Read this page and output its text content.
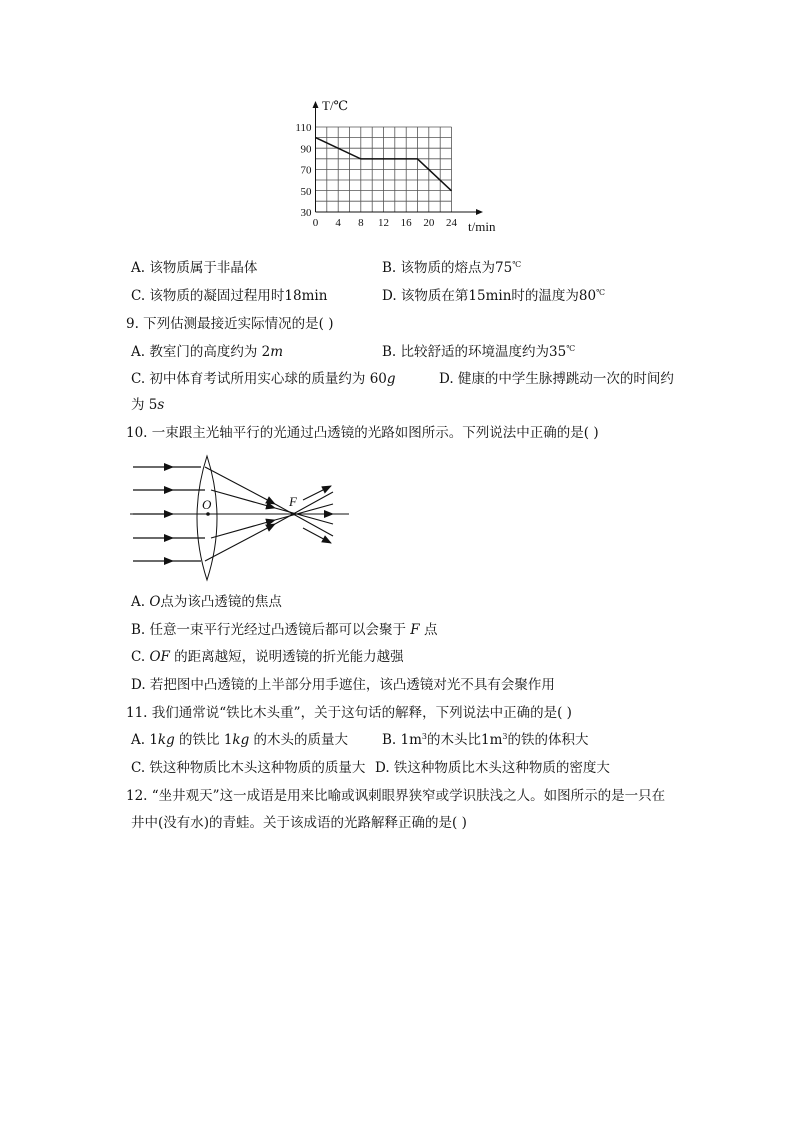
T/℃
t/min
110
90
70
50
30
0 4 8 12 16 20 24
A. 该物质属于非晶体	B. 该物质的熔点为75℃
C. 该物质的凝固过程用时18min	D. 该物质在第15min时的温度为80℃
9. 下列估测最接近实际情况的是( )
A. 教室门的高度约为 2m	B. 比较舒适的环境温度约为35℃
C. 初中体育考试所用实心球的质量约为 60g	D. 健康的中学生脉搏跳动一次的时间约
为 5s
10. 一束跟主光轴平行的光通过凸透镜的光路如图所示。下列说法中正确的是( )
O	F
A. O点为该凸透镜的焦点
B. 任意一束平行光经过凸透镜后都可以会聚于 F 点
C. OF 的距离越短，说明透镜的折光能力越强
D. 若把图中凸透镜的上半部分用手遮住，该凸透镜对光不具有会聚作用
11. 我们通常说“铁比木头重”，关于这句话的解释，下列说法中正确的是( )
A. 1kg 的铁比 1kg 的木头的质量大	B. $1m^3$的木头比$1m^3$的铁的体积大
C. 铁这种物质比木头这种物质的质量大 D. 铁这种物质比木头这种物质的密度大
12. “坐井观天”这一成语是用来比喻或讽刺眼界狭窄或学识肤浅之人。如图所示的是一只在
井中(没有水)的青蛙。关于该成语的光路解释正确的是( )
